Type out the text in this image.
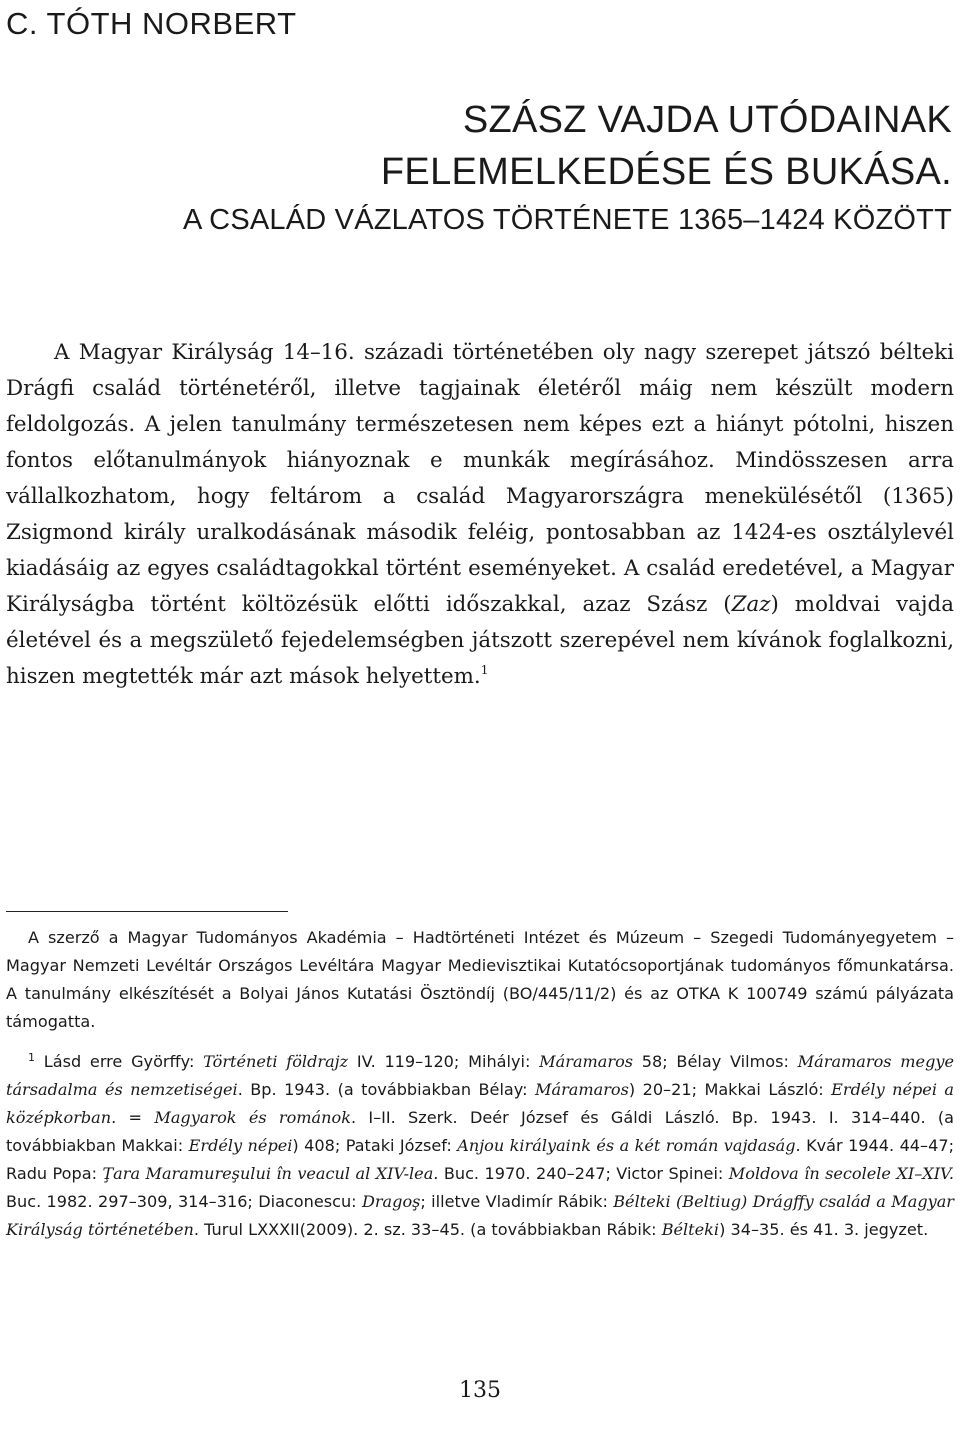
C. TÓTH NORBERT
SZÁSZ VAJDA UTÓDAINAK
FELEMELKEDÉSE ÉS BUKÁSA.
A CSALÁD VÁZLATOS TÖRTÉNETE 1365–1424 KÖZÖTT

A Magyar Királyság 14–16. századi történetében oly nagy szerepet játszó bélteki Drágfi család történetéről, illetve tagjainak életéről máig nem készült modern feldolgozás. A jelen tanulmány természetesen nem képes ezt a hiányt pótolni, hiszen fontos előtanulmányok hiányoznak e munkák megírásához. Mindösszesen arra vállalkozhatom, hogy feltárom a család Magyarországra menekülésétől (1365) Zsigmond király uralkodásának második feléig, pontosabban az 1424-es osztálylevél kiadásáig az egyes családtagokkal történt eseményeket. A család eredetével, a Magyar Királyságba történt költözésük előtti időszakkal, azaz Szász (Zaz) moldvai vajda életével és a megszülető fejedelemségben játszott szerepével nem kívánok foglalkozni, hiszen megtették már azt mások helyettem.$^1$

A szerző a Magyar Tudományos Akadémia – Hadtörténeti Intézet és Múzeum – Szegedi Tudományegyetem – Magyar Nemzeti Levéltár Országos Levéltára Magyar Medievisztikai Kutatócsoportjának tudományos főmunkatársa. A tanulmány elkészítését a Bolyai János Kutatási Ösztöndíj (BO/445/11/2) és az OTKA K 100749 számú pályázata támogatta.

$^1$ Lásd erre Györffy: Történeti földrajz IV. 119–120; Mihályi: Máramaros 58; Bélay Vilmos: Máramaros megye társadalma és nemzetiségei. Bp. 1943. (a továbbiakban Bélay: Máramaros) 20–21; Makkai László: Erdély népei a középkorban. = Magyarok és románok. I–II. Szerk. Deér József és Gáldi László. Bp. 1943. I. 314–440. (a továbbiakban Makkai: Erdély népei) 408; Pataki József: Anjou királyaink és a két román vajdaság. Kvár 1944. 44–47; Radu Popa: Ţara Maramureşului în veacul al XIV-lea. Buc. 1970. 240–247; Victor Spinei: Moldova în secolele XI–XIV. Buc. 1982. 297–309, 314–316; Diaconescu: Dragoş; illetve Vladimír Rábik: Bélteki (Beltiug) Drágffy család a Magyar Királyság történetében. Turul LXXXII(2009). 2. sz. 33–45. (a továbbiakban Rábik: Bélteki) 34–35. és 41. 3. jegyzet.

135
